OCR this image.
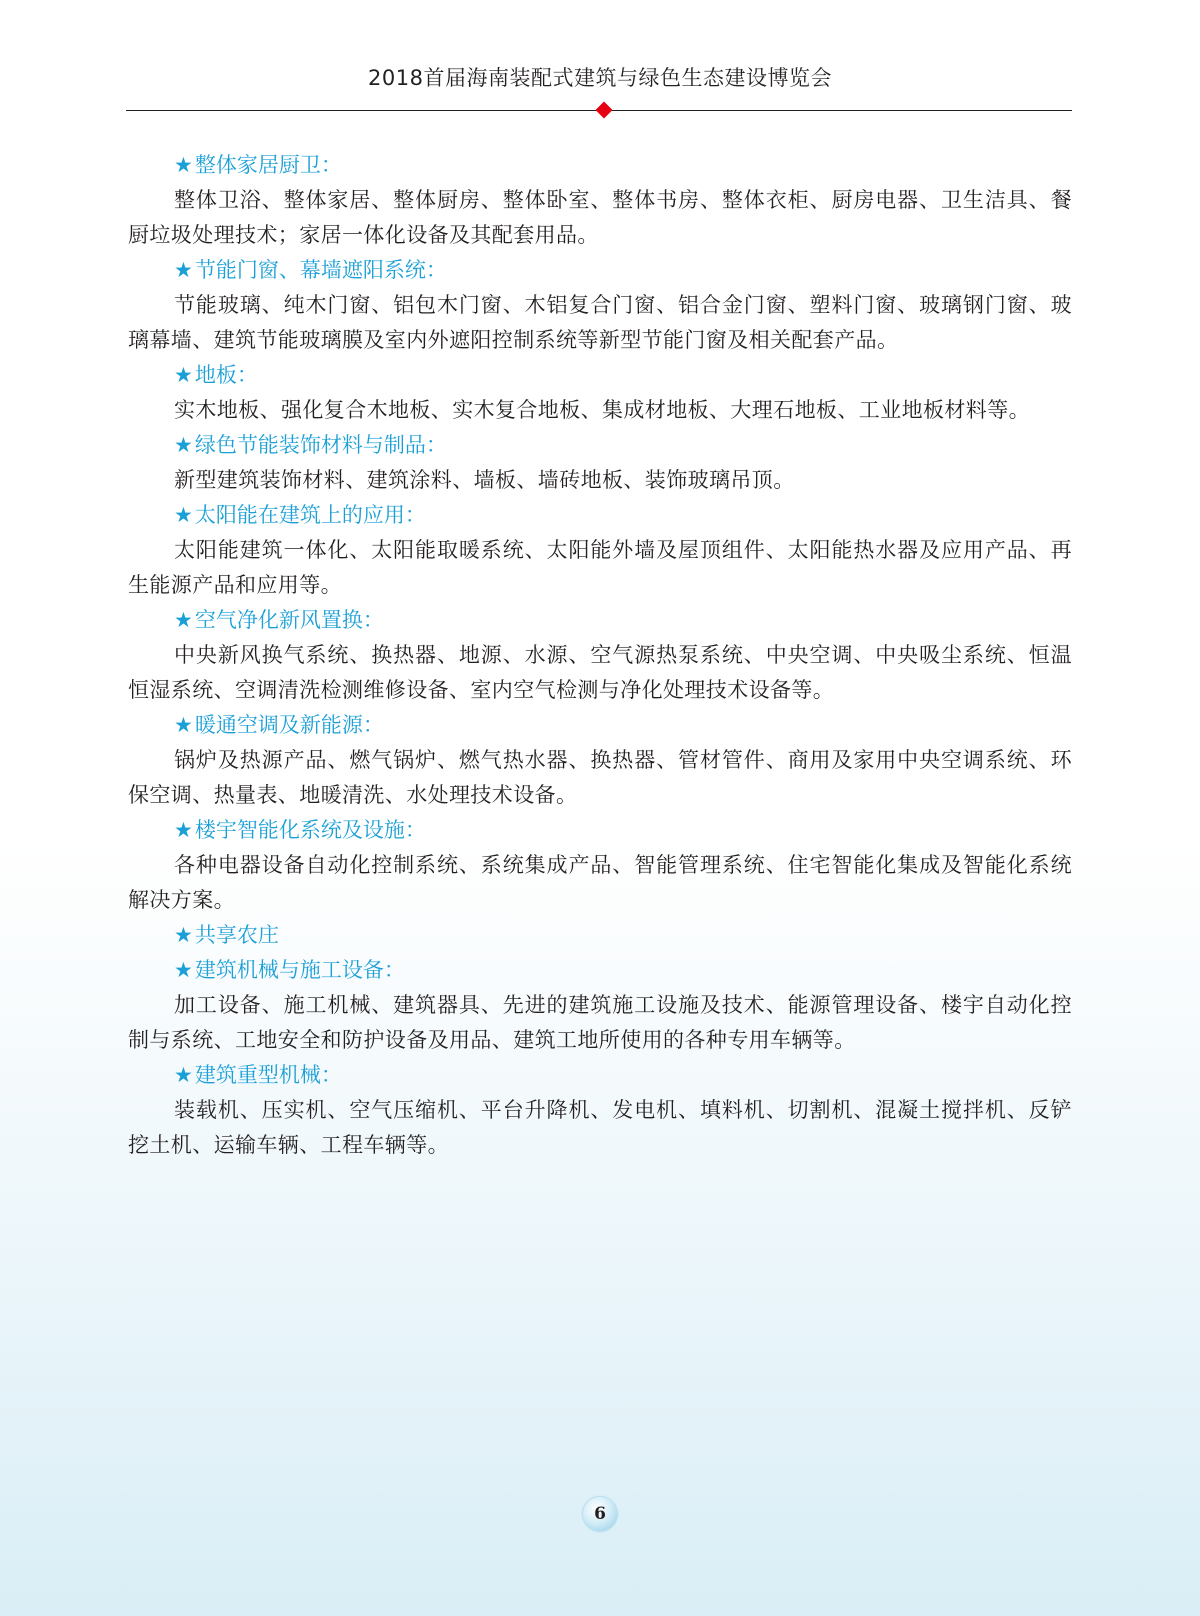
2018首届海南装配式建筑与绿色生态建设博览会
★整体家居厨卫：
整体卫浴、整体家居、整体厨房、整体卧室、整体书房、整体衣柜、厨房电器、卫生洁具、餐厨垃圾处理技术；家居一体化设备及其配套用品。
★节能门窗、幕墙遮阳系统：
节能玻璃、纯木门窗、铝包木门窗、木铝复合门窗、铝合金门窗、塑料门窗、玻璃钢门窗、玻璃幕墙、建筑节能玻璃膜及室内外遮阳控制系统等新型节能门窗及相关配套产品。
★地板：
实木地板、强化复合木地板、实木复合地板、集成材地板、大理石地板、工业地板材料等。
★绿色节能装饰材料与制品：
新型建筑装饰材料、建筑涂料、墙板、墙砖地板、装饰玻璃吊顶。
★太阳能在建筑上的应用：
太阳能建筑一体化、太阳能取暖系统、太阳能外墙及屋顶组件、太阳能热水器及应用产品、再生能源产品和应用等。
★空气净化新风置换：
中央新风换气系统、换热器、地源、水源、空气源热泵系统、中央空调、中央吸尘系统、恒温恒湿系统、空调清洗检测维修设备、室内空气检测与净化处理技术设备等。
★暖通空调及新能源：
锅炉及热源产品、燃气锅炉、燃气热水器、换热器、管材管件、商用及家用中央空调系统、环保空调、热量表、地暖清洗、水处理技术设备。
★楼宇智能化系统及设施：
各种电器设备自动化控制系统、系统集成产品、智能管理系统、住宅智能化集成及智能化系统解决方案。
★共享农庄
★建筑机械与施工设备：
加工设备、施工机械、建筑器具、先进的建筑施工设施及技术、能源管理设备、楼宇自动化控制与系统、工地安全和防护设备及用品、建筑工地所使用的各种专用车辆等。
★建筑重型机械：
装载机、压实机、空气压缩机、平台升降机、发电机、填料机、切割机、混凝土搅拌机、反铲挖土机、运输车辆、工程车辆等。
6
